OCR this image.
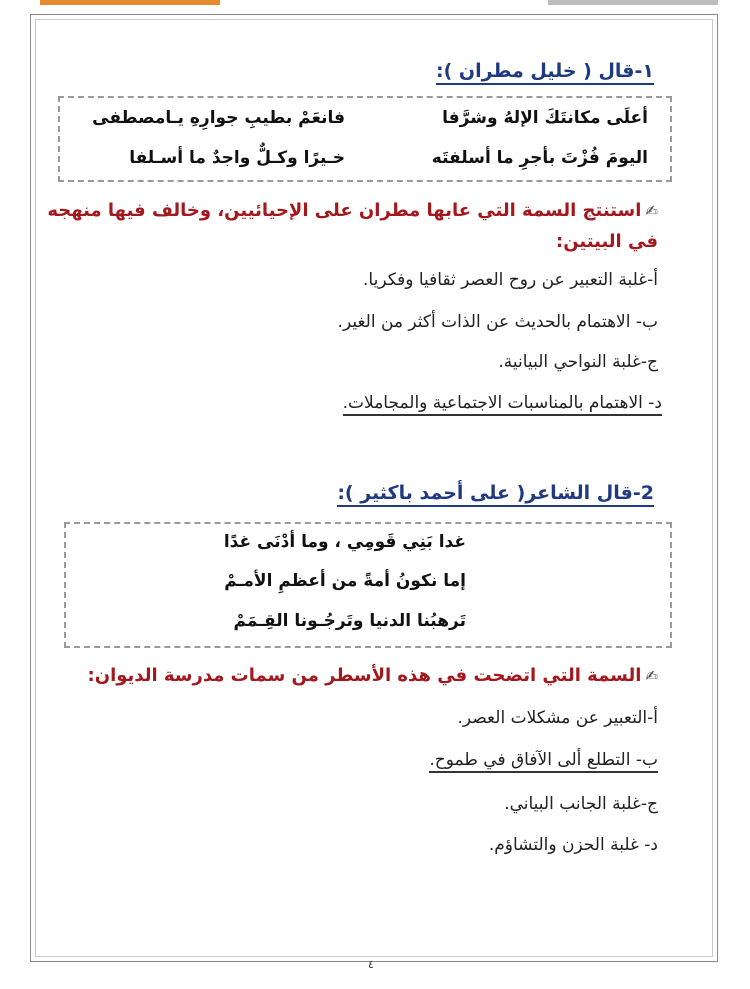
١-قال ( خليل مطران ):
أعلَى مكانتَكَ الإلهُ وشرَّفا
فانعَمْ بطيبِ جوارِهِ يـامصطفى
اليومَ فُزْتَ بأجرِ ما أسلفتَه
خـيرًا وكـلٌّ واجدٌ ما أسـلفا
✍استنتج السمة التي عابها مطران على الإحيائيين، وخالف فيها منهجه
في البيتين:
أ-غلبة التعبير عن روح العصر ثقافيا وفكريا.
ب- الاهتمام بالحديث عن الذات أكثر من الغير.
ج-غلبة النواحي البيانية.
د- الاهتمام بالمناسبات الاجتماعية والمجاملات.
2-قال الشاعر( على أحمد باكثير ):
غدا بَنِي قَومِي ، وما أدْنَى غدًا
إما نكونُ أمةً من أعظمِ الأمـمْ
تَرهبُنا الدنيا وتَرجُـونا القِـمَمْ
✍السمة التي اتضحت في هذه الأسطر من سمات مدرسة الديوان:
أ-التعبير عن مشكلات العصر.
ب- التطلع ألى الآفاق في طموح.
ج-غلبة الجانب البياني.
د- غلبة الحزن والتشاؤم.
٤
